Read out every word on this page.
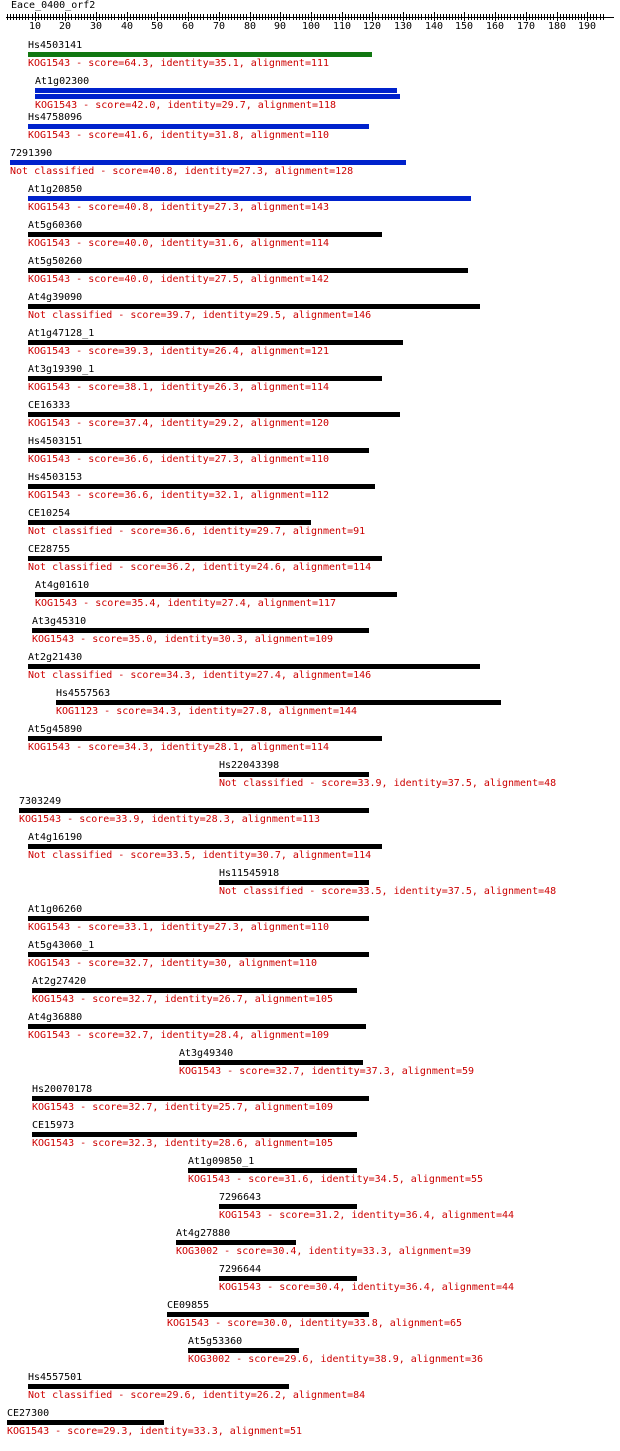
Eace_0400_orf2
10 20 30 40 50 60 70 80 90 100 110 120 130 140 150 160 170 180 190
Hs4503141
KOG1543 - score=64.3, identity=35.1, alignment=111
At1g02300
KOG1543 - score=42.0, identity=29.7, alignment=118
Hs4758096
KOG1543 - score=41.6, identity=31.8, alignment=110
7291390
Not classified - score=40.8, identity=27.3, alignment=128
At1g20850
KOG1543 - score=40.8, identity=27.3, alignment=143
At5g60360
KOG1543 - score=40.0, identity=31.6, alignment=114
At5g50260
KOG1543 - score=40.0, identity=27.5, alignment=142
At4g39090
Not classified - score=39.7, identity=29.5, alignment=146
At1g47128_1
KOG1543 - score=39.3, identity=26.4, alignment=121
At3g19390_1
KOG1543 - score=38.1, identity=26.3, alignment=114
CE16333
KOG1543 - score=37.4, identity=29.2, alignment=120
Hs4503151
KOG1543 - score=36.6, identity=27.3, alignment=110
Hs4503153
KOG1543 - score=36.6, identity=32.1, alignment=112
CE10254
Not classified - score=36.6, identity=29.7, alignment=91
CE28755
Not classified - score=36.2, identity=24.6, alignment=114
At4g01610
KOG1543 - score=35.4, identity=27.4, alignment=117
At3g45310
KOG1543 - score=35.0, identity=30.3, alignment=109
At2g21430
Not classified - score=34.3, identity=27.4, alignment=146
Hs4557563
KOG1123 - score=34.3, identity=27.8, alignment=144
At5g45890
KOG1543 - score=34.3, identity=28.1, alignment=114
Hs22043398
Not classified - score=33.9, identity=37.5, alignment=48
7303249
KOG1543 - score=33.9, identity=28.3, alignment=113
At4g16190
Not classified - score=33.5, identity=30.7, alignment=114
Hs11545918
Not classified - score=33.5, identity=37.5, alignment=48
At1g06260
KOG1543 - score=33.1, identity=27.3, alignment=110
At5g43060_1
KOG1543 - score=32.7, identity=30, alignment=110
At2g27420
KOG1543 - score=32.7, identity=26.7, alignment=105
At4g36880
KOG1543 - score=32.7, identity=28.4, alignment=109
At3g49340
KOG1543 - score=32.7, identity=37.3, alignment=59
Hs20070178
KOG1543 - score=32.7, identity=25.7, alignment=109
CE15973
KOG1543 - score=32.3, identity=28.6, alignment=105
At1g09850_1
KOG1543 - score=31.6, identity=34.5, alignment=55
7296643
KOG1543 - score=31.2, identity=36.4, alignment=44
At4g27880
KOG3002 - score=30.4, identity=33.3, alignment=39
7296644
KOG1543 - score=30.4, identity=36.4, alignment=44
CE09855
KOG1543 - score=30.0, identity=33.8, alignment=65
At5g53360
KOG3002 - score=29.6, identity=38.9, alignment=36
Hs4557501
Not classified - score=29.6, identity=26.2, alignment=84
CE27300
KOG1543 - score=29.3, identity=33.3, alignment=51
